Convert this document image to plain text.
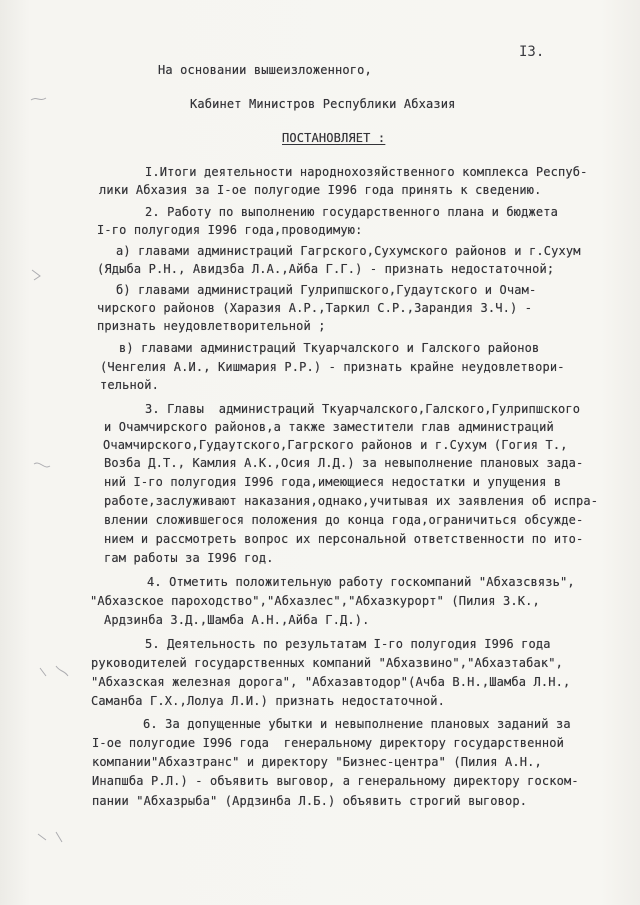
I3.
На основании вышеизложенного,
Кабинет Министров Республики Абхазия
ПОСТАНОВЛЯЕТ :
I.Итоги деятельности народнохозяйственного комплекса Респуб-
лики Абхазия за I-ое полугодие I996 года принять к сведению.
2. Работу по выполнению государственного плана и бюджета
I-го полугодия I996 года,проводимую:
а) главами администраций Гагрского,Сухумского районов и г.Сухум
(Ядыба Р.Н., Авидзба Л.А.,Айба Г.Г.) - признать недостаточной;
б) главами администраций Гулрипшского,Гудаутского и Очам-
чирского районов (Харазия А.Р.,Таркил С.Р.,Зарандия З.Ч.) -
признать неудовлетворительной ;
в) главами администраций Ткуарчалского и Галского районов
(Ченгелия А.И., Кишмария Р.Р.) - признать крайне неудовлетвори-
тельной.
3. Главы  администраций Ткуарчалского,Галского,Гулрипшского
и Очамчирского районов,а также заместители глав администраций
Очамчирского,Гудаутского,Гагрского районов и г.Сухум (Гогия Т.,
Возба Д.Т., Камлия А.К.,Осия Л.Д.) за невыполнение плановых зада-
ний I-го полугодия I996 года,имеющиеся недостатки и упущения в
работе,заслуживают наказания,однако,учитывая их заявления об испра-
влении сложившегося положения до конца года,ограничиться обсужде-
нием и рассмотреть вопрос их персональной ответственности по ито-
гам работы за I996 год.
4. Отметить положительную работу госкомпаний "Абхазсвязь",
"Абхазское пароходство","Абхазлес","Абхазкурорт" (Пилия З.К.,
Ардзинба З.Д.,Шамба А.Н.,Айба Г.Д.).
5. Деятельность по результатам I-го полугодия I996 года
руководителей государственных компаний "Абхазвино","Абхазтабак",
"Абхазская железная дорога", "Абхазавтодор"(Ачба В.Н.,Шамба Л.Н.,
Саманба Г.Х.,Лолуа Л.И.) признать недостаточной.
6. За допущенные убытки и невыполнение плановых заданий за
I-ое полугодие I996 года  генеральному директору государственной
компании"Абхазтранс" и директору "Бизнес-центра" (Пилия А.Н.,
Инапшба Р.Л.) - объявить выговор, а генеральному директору госком-
пании "Абхазрыба" (Ардзинба Л.Б.) объявить строгий выговор.
